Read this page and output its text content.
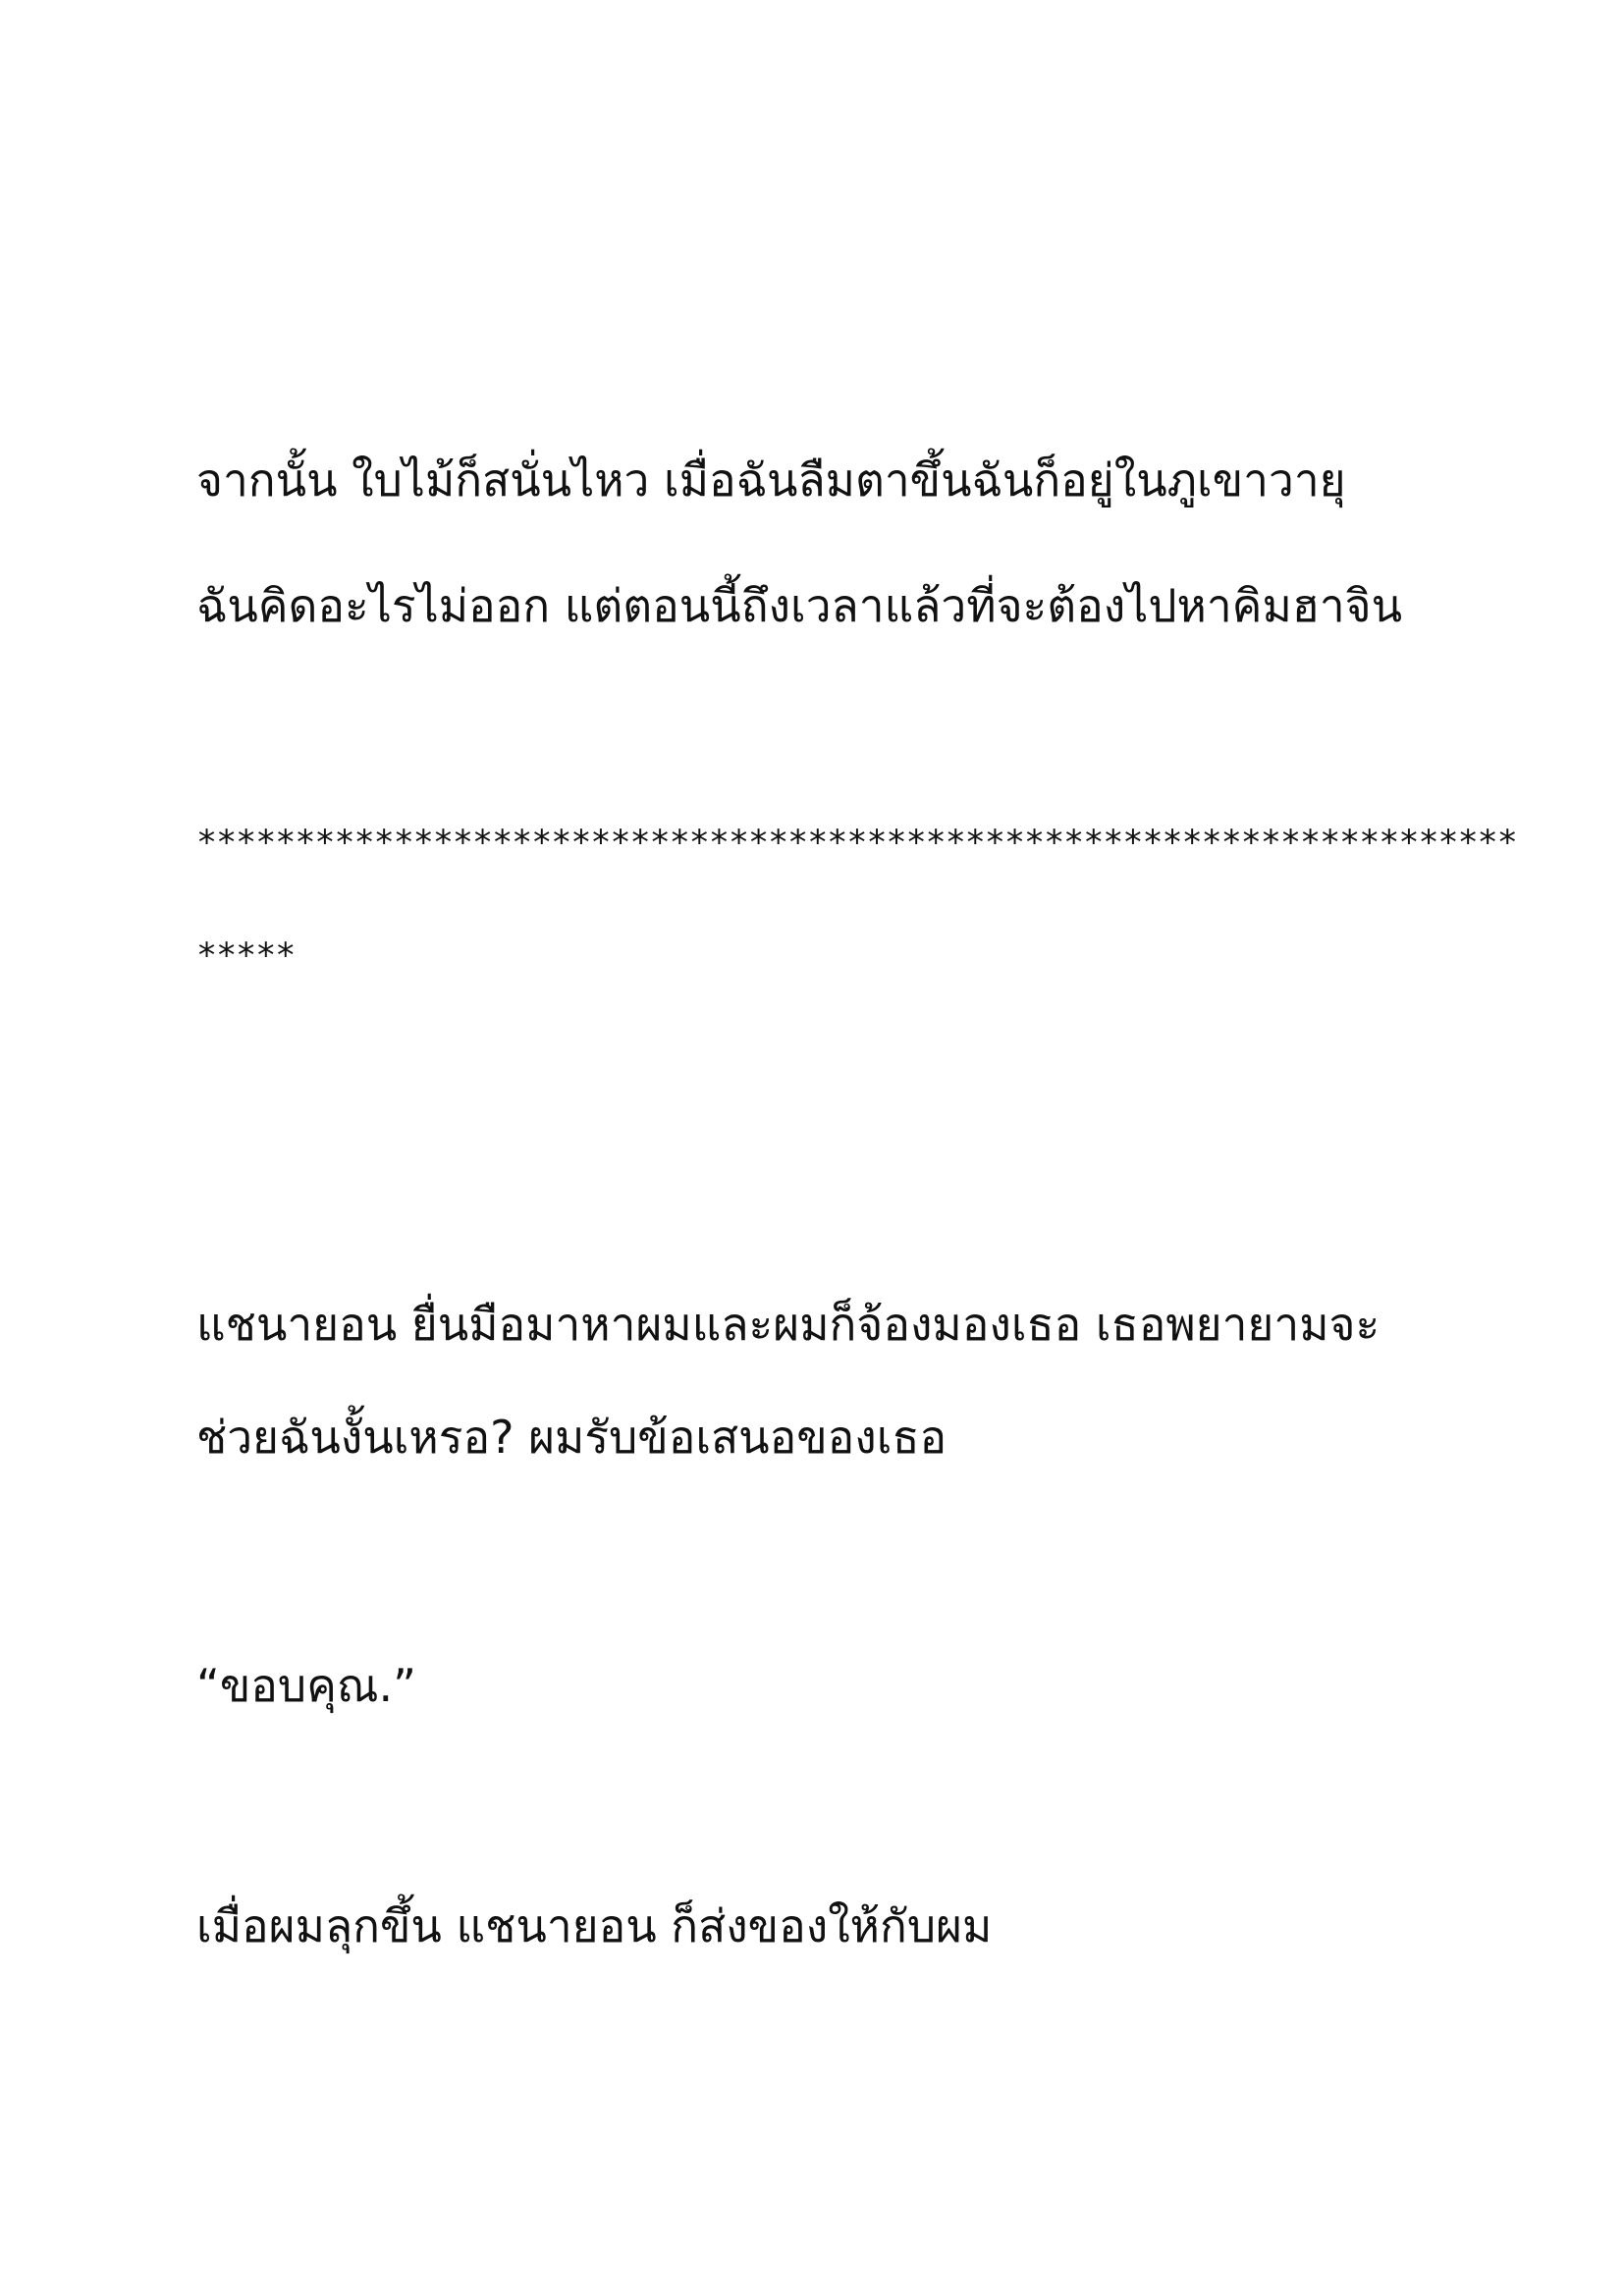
จากนั้น ใบไม้ก็สนั่นไหว เมื่อฉันลืมตาขึ้นฉันก็อยู่ในภูเขาวายุ

ฉันคิดอะไรไม่ออก แต่ตอนนี้ถึงเวลาแล้วที่จะต้องไปหาคิมฮาจิน

*******************************************************************

*****

แชนายอน ยื่นมือมาหาผมและผมก็จ้องมองเธอ เธอพยายามจะ

ช่วยฉันงั้นเหรอ? ผมรับข้อเสนอของเธอ

“ขอบคุณ.”

เมื่อผมลุกขึ้น แชนายอน ก็ส่งของให้กับผม
